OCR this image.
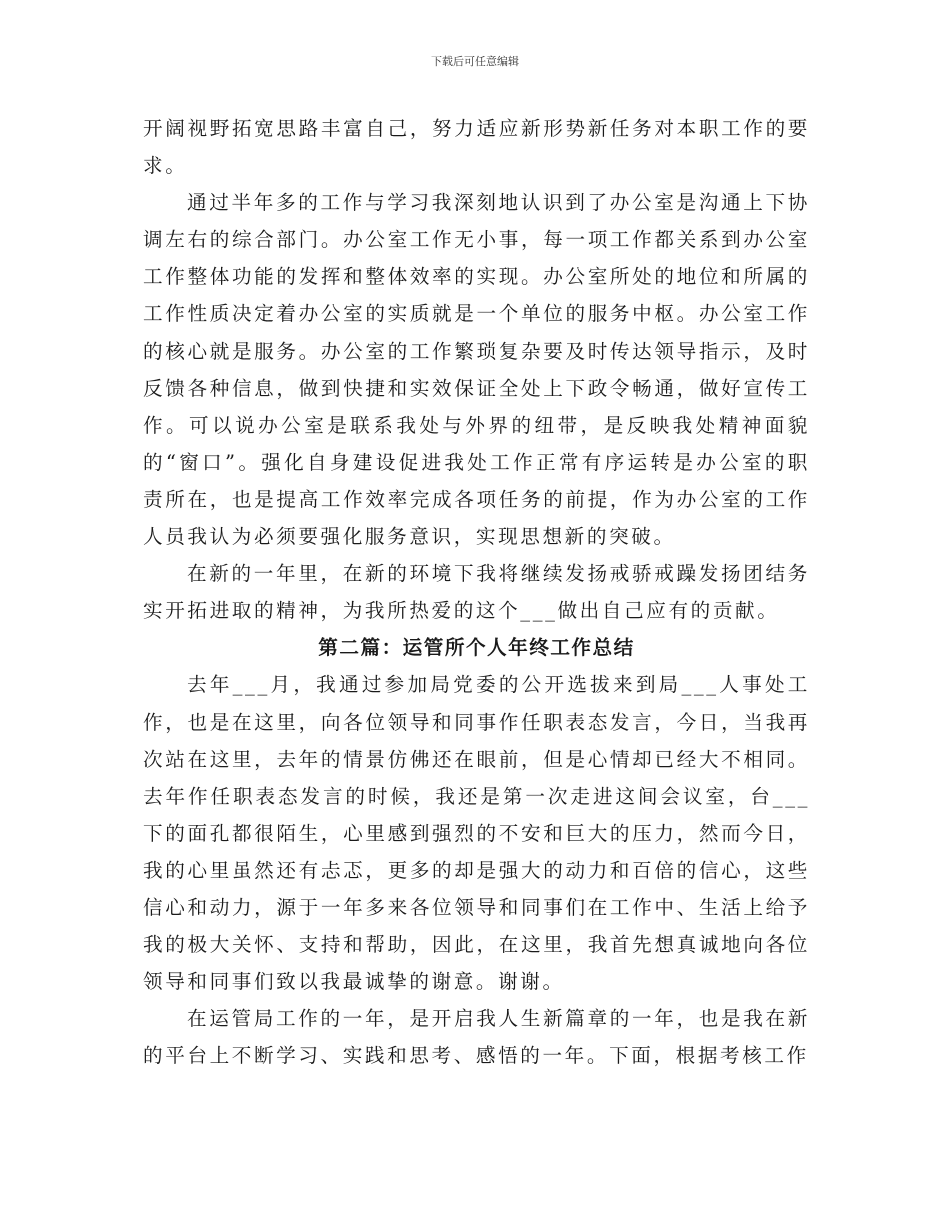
下载后可任意编辑

开阔视野拓宽思路丰富自己，努力适应新形势新任务对本职工作的要求。

通过半年多的工作与学习我深刻地认识到了办公室是沟通上下协调左右的综合部门。办公室工作无小事，每一项工作都关系到办公室工作整体功能的发挥和整体效率的实现。办公室所处的地位和所属的工作性质决定着办公室的实质就是一个单位的服务中枢。办公室工作的核心就是服务。办公室的工作繁琐复杂要及时传达领导指示，及时反馈各种信息，做到快捷和实效保证全处上下政令畅通，做好宣传工作。可以说办公室是联系我处与外界的纽带，是反映我处精神面貌的“窗口”。强化自身建设促进我处工作正常有序运转是办公室的职责所在，也是提高工作效率完成各项任务的前提，作为办公室的工作人员我认为必须要强化服务意识，实现思想新的突破。

在新的一年里，在新的环境下我将继续发扬戒骄戒躁发扬团结务实开拓进取的精神，为我所热爱的这个___做出自己应有的贡献。

第二篇：运管所个人年终工作总结

去年___月，我通过参加局党委的公开选拔来到局___人事处工作，也是在这里，向各位领导和同事作任职表态发言，今日，当我再次站在这里，去年的情景仿佛还在眼前，但是心情却已经大不相同。去年作任职表态发言的时候，我还是第一次走进这间会议室，台___下的面孔都很陌生，心里感到强烈的不安和巨大的压力，然而今日，我的心里虽然还有忐忑，更多的却是强大的动力和百倍的信心，这些信心和动力，源于一年多来各位领导和同事们在工作中、生活上给予我的极大关怀、支持和帮助，因此，在这里，我首先想真诚地向各位领导和同事们致以我最诚挚的谢意。谢谢。

在运管局工作的一年，是开启我人生新篇章的一年，也是我在新的平台上不断学习、实践和思考、感悟的一年。下面，根据考核工作
